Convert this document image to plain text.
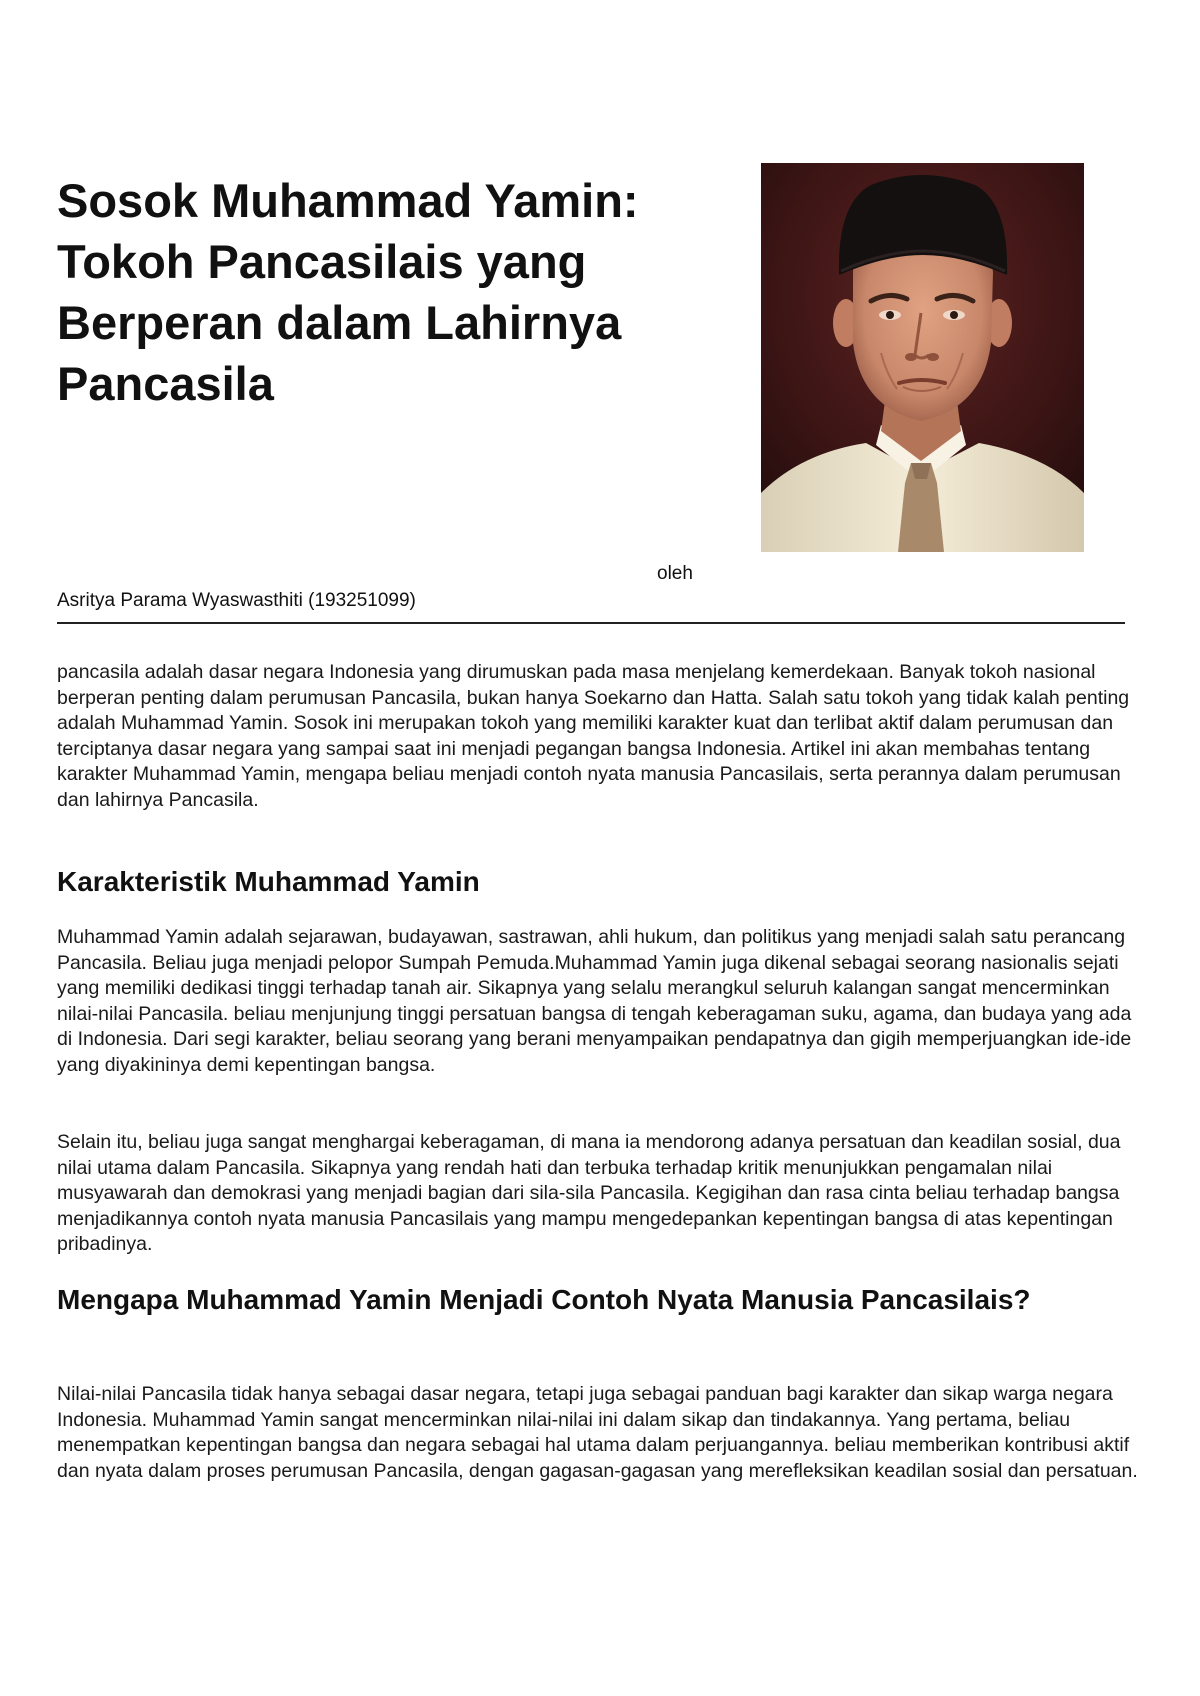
Sosok Muhammad Yamin: Tokoh Pancasilais yang Berperan dalam Lahirnya Pancasila
oleh
Asritya Parama Wyaswasthiti (193251099)

pancasila adalah dasar negara Indonesia yang dirumuskan pada masa menjelang kemerdekaan. Banyak tokoh nasional berperan penting dalam perumusan Pancasila, bukan hanya Soekarno dan Hatta. Salah satu tokoh yang tidak kalah penting adalah Muhammad Yamin. Sosok ini merupakan tokoh yang memiliki karakter kuat dan terlibat aktif dalam perumusan dan terciptanya dasar negara yang sampai saat ini menjadi pegangan bangsa Indonesia. Artikel ini akan membahas tentang karakter Muhammad Yamin, mengapa beliau menjadi contoh nyata manusia Pancasilais, serta perannya dalam perumusan dan lahirnya Pancasila.

Karakteristik Muhammad Yamin

Muhammad Yamin adalah sejarawan, budayawan, sastrawan, ahli hukum, dan politikus yang menjadi salah satu perancang Pancasila. Beliau juga menjadi pelopor Sumpah Pemuda.Muhammad Yamin juga dikenal sebagai seorang nasionalis sejati yang memiliki dedikasi tinggi terhadap tanah air. Sikapnya yang selalu merangkul seluruh kalangan sangat mencerminkan nilai-nilai Pancasila. beliau menjunjung tinggi persatuan bangsa di tengah keberagaman suku, agama, dan budaya yang ada di Indonesia. Dari segi karakter, beliau seorang yang berani menyampaikan pendapatnya dan gigih memperjuangkan ide-ide yang diyakininya demi kepentingan bangsa.

Selain itu, beliau juga sangat menghargai keberagaman, di mana ia mendorong adanya persatuan dan keadilan sosial, dua nilai utama dalam Pancasila. Sikapnya yang rendah hati dan terbuka terhadap kritik menunjukkan pengamalan nilai musyawarah dan demokrasi yang menjadi bagian dari sila-sila Pancasila. Kegigihan dan rasa cinta beliau terhadap bangsa menjadikannya contoh nyata manusia Pancasilais yang mampu mengedepankan kepentingan bangsa di atas kepentingan pribadinya.

Mengapa Muhammad Yamin Menjadi Contoh Nyata Manusia Pancasilais?

Nilai-nilai Pancasila tidak hanya sebagai dasar negara, tetapi juga sebagai panduan bagi karakter dan sikap warga negara Indonesia. Muhammad Yamin sangat mencerminkan nilai-nilai ini dalam sikap dan tindakannya. Yang pertama, beliau menempatkan kepentingan bangsa dan negara sebagai hal utama dalam perjuangannya. beliau memberikan kontribusi aktif dan nyata dalam proses perumusan Pancasila, dengan gagasan-gagasan yang merefleksikan keadilan sosial dan persatuan.
